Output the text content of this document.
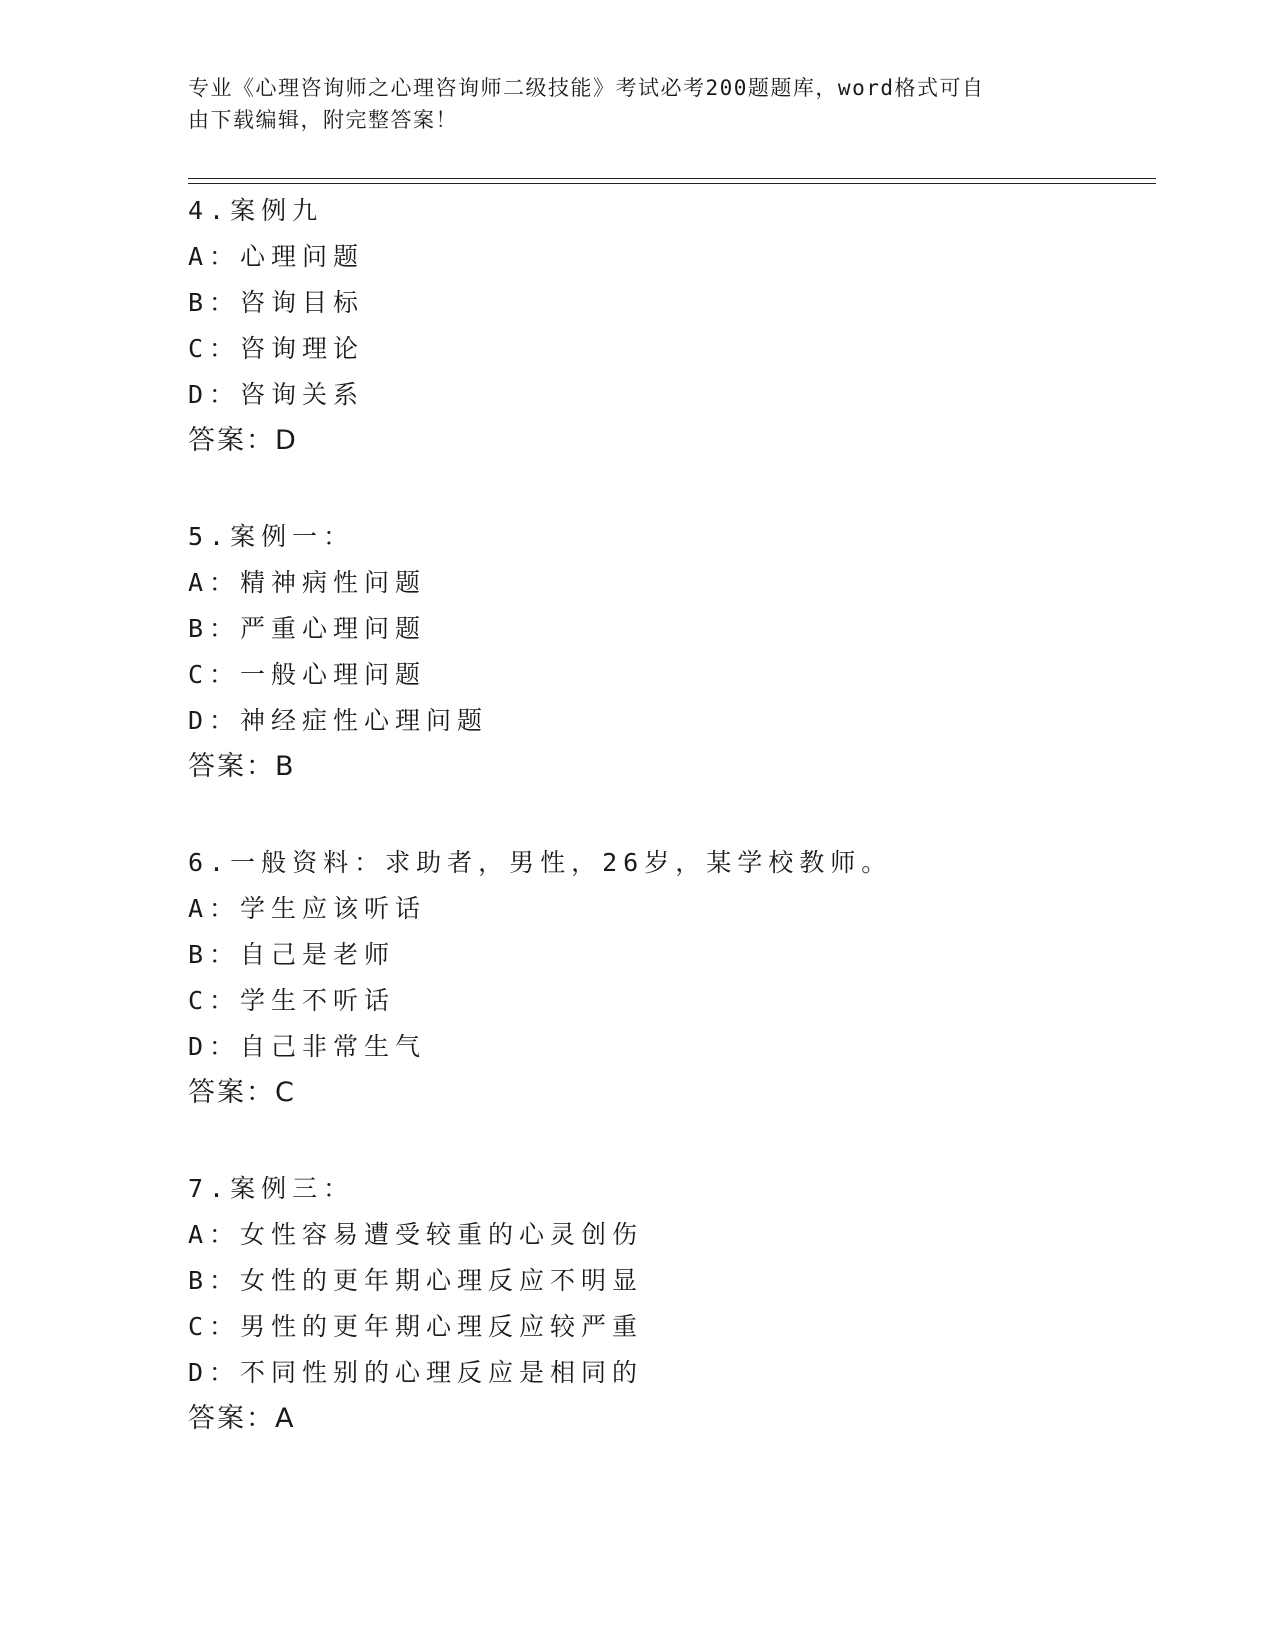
专业《心理咨询师之心理咨询师二级技能》考试必考200题题库，word格式可自
由下载编辑，附完整答案！
4.案例九
A：心理问题
B：咨询目标
C：咨询理论
D：咨询关系
答案：D
5.案例一：
A：精神病性问题
B：严重心理问题
C：一般心理问题
D：神经症性心理问题
答案：B
6.一般资料：求助者，男性，26岁，某学校教师。
A：学生应该听话
B：自己是老师
C：学生不听话
D：自己非常生气
答案：C
7.案例三：
A：女性容易遭受较重的心灵创伤
B：女性的更年期心理反应不明显
C：男性的更年期心理反应较严重
D：不同性别的心理反应是相同的
答案：A
